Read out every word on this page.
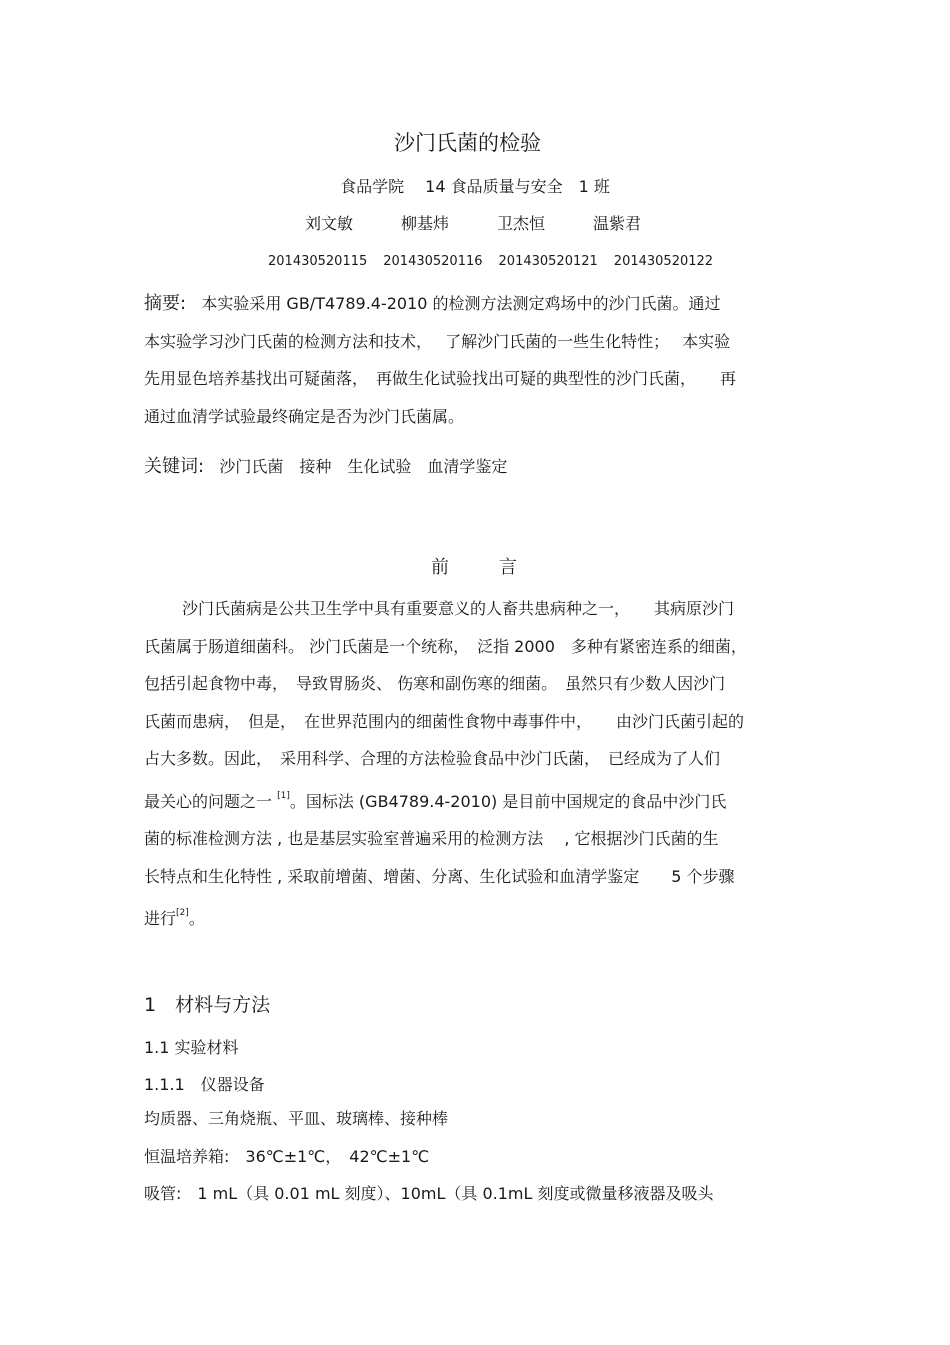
沙门氏菌的检验
食品学院　 14 食品质量与安全　1 班
刘文敏	柳基炜	卫杰恒	温紫君
201430520115 201430520116 201430520121 201430520122

摘要: 本实验采用 GB/T4789.4-2010 的检测方法测定鸡场中的沙门氏菌。通过

本实验学习沙门氏菌的检测方法和技术，　 了解沙门氏菌的一些生化特性；　 本实验

先用显色培养基找出可疑菌落，　再做生化试验找出可疑的典型性的沙门氏菌，　　再

通过血清学试验最终确定是否为沙门氏菌属。

关键词: 沙门氏菌　接种　生化试验　血清学鉴定

前言

沙门氏菌病是公共卫生学中具有重要意义的人畜共患病种之一，　　其病原沙门

氏菌属于肠道细菌科。 沙门氏菌是一个统称，　泛指 2000　多种有紧密连系的细菌，

包括引起食物中毒，　导致胃肠炎、 伤寒和副伤寒的细菌。　虽然只有少数人因沙门

氏菌而患病，　但是，　在世界范围内的细菌性食物中毒事件中，　　由沙门氏菌引起的

占大多数。因此，　采用科学、合理的方法检验食品中沙门氏菌，　已经成为了人们

最关心的问题之一 [1]。国标法 (GB4789.4-2010) 是目前中国规定的食品中沙门氏

菌的标准检测方法 , 也是基层实验室普遍采用的检测方法　 , 它根据沙门氏菌的生

长特点和生化特性 , 采取前增菌、增菌、分离、生化试验和血清学鉴定　　5 个步骤

进行[2]。

1　材料与方法
1.1 实验材料
1.1.1　仪器设备

均质器、三角烧瓶、平皿、玻璃棒、接种棒

恒温培养箱:　36℃±1℃，　42℃±1℃

吸管:　1 mL（具 0.01 mL 刻度）、10mL（具 0.1mL 刻度或微量移液器及吸头
